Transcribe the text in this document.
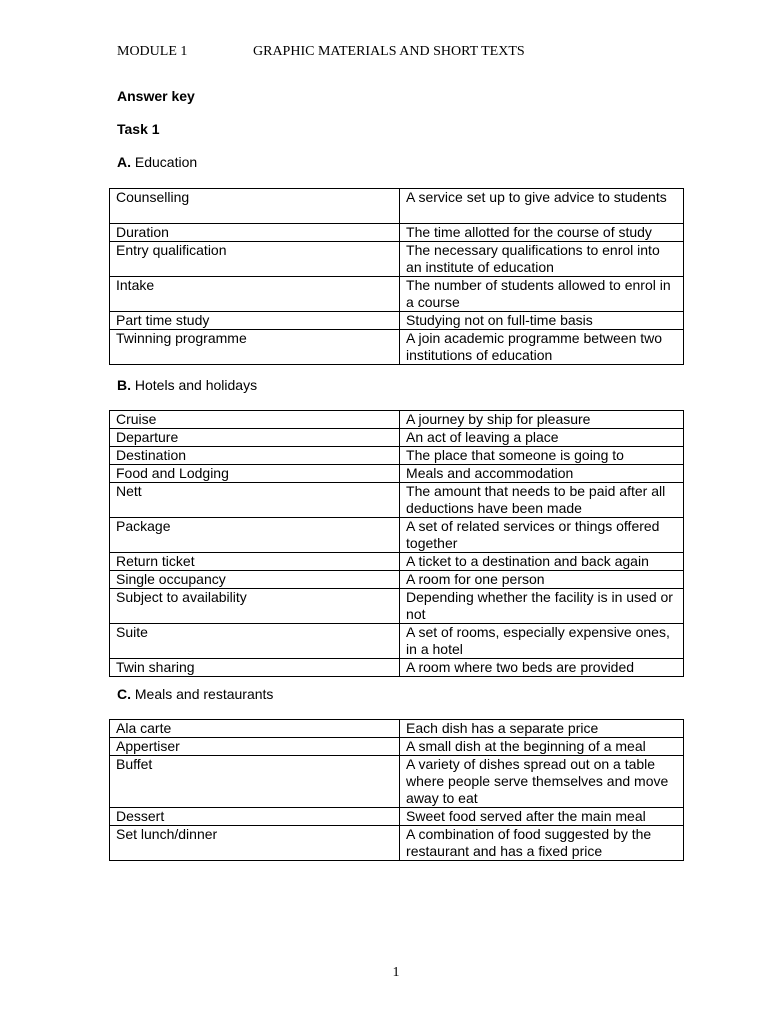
MODULE 1	GRAPHIC MATERIALS AND SHORT TEXTS
Answer key
Task 1
A. Education
Counselling	A service set up to give advice to students
Duration	The time allotted for the course of study
Entry qualification	The necessary qualifications to enrol into an institute of education
Intake	The number of students allowed to enrol in a course
Part time study	Studying not on full-time basis
Twinning programme	A join academic programme between two institutions of education
B. Hotels and holidays
Cruise	A journey by ship for pleasure
Departure	An act of leaving a place
Destination	The place that someone is going to
Food and Lodging	Meals and accommodation
Nett	The amount that needs to be paid after all deductions have been made
Package	A set of related services or things offered together
Return ticket	A ticket to a destination and back again
Single occupancy	A room for one person
Subject to availability	Depending whether the facility is in used or not
Suite	A set of rooms, especially expensive ones, in a hotel
Twin sharing	A room where two beds are provided
C. Meals and restaurants
Ala carte	Each dish has a separate price
Appertiser	A small dish at the beginning of a meal
Buffet	A variety of dishes spread out on a table where people serve themselves and move away to eat
Dessert	Sweet food served after the main meal
Set lunch/dinner	A combination of food suggested by the restaurant and has a fixed price
1
